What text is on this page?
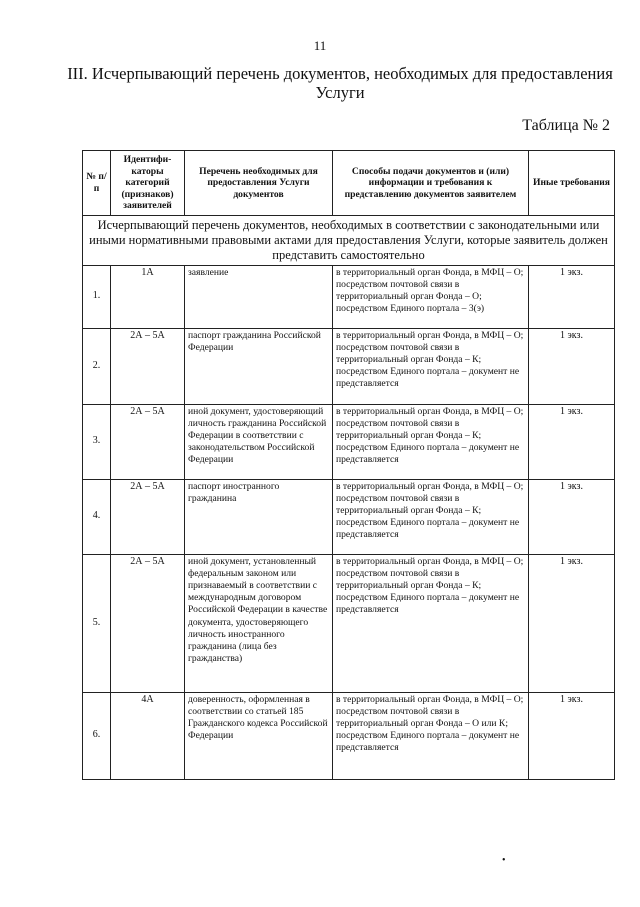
11
III. Исчерпывающий перечень документов, необходимых для предоставления
Услуги
Таблица № 2
№ п/п	Идентифи-каторы категорий (признаков) заявителей	Перечень необходимых для предоставления Услуги документов	Способы подачи документов и (или) информации и требования к представлению документов заявителем	Иные требования
Исчерпывающий перечень документов, необходимых в соответствии с законодательными или иными нормативными правовыми актами для предоставления Услуги, которые заявитель должен представить самостоятельно				
1.	1А	заявление	в территориальный орган Фонда, в МФЦ – О; посредством почтовой связи в территориальный орган Фонда – О; посредством Единого портала – 3(э)	1 экз.
2.	2А – 5А	паспорт гражданина Российской Федерации	в территориальный орган Фонда, в МФЦ – О; посредством почтовой связи в территориальный орган Фонда – К; посредством Единого портала – документ не представляется	1 экз.
3.	2А – 5А	иной документ, удостоверяющий личность гражданина Российской Федерации в соответствии с законодательством Российской Федерации	в территориальный орган Фонда, в МФЦ – О; посредством почтовой связи в территориальный орган Фонда – К; посредством Единого портала – документ не представляется	1 экз.
4.	2А – 5А	паспорт иностранного гражданина	в территориальный орган Фонда, в МФЦ – О; посредством почтовой связи в территориальный орган Фонда – К; посредством Единого портала – документ не представляется	1 экз.
5.	2А – 5А	иной документ, установленный федеральным законом или признаваемый в соответствии с международным договором Российской Федерации в качестве документа, удостоверяющего личность иностранного гражданина (лица без гражданства)	в территориальный орган Фонда, в МФЦ – О; посредством почтовой связи в территориальный орган Фонда – К; посредством Единого портала – документ не представляется	1 экз.
6.	4А	доверенность, оформленная в соответствии со статьей 185 Гражданского кодекса Российской Федерации	в территориальный орган Фонда, в МФЦ – О; посредством почтовой связи в территориальный орган Фонда – О или К; посредством Единого портала – документ не представляется	1 экз.
•
